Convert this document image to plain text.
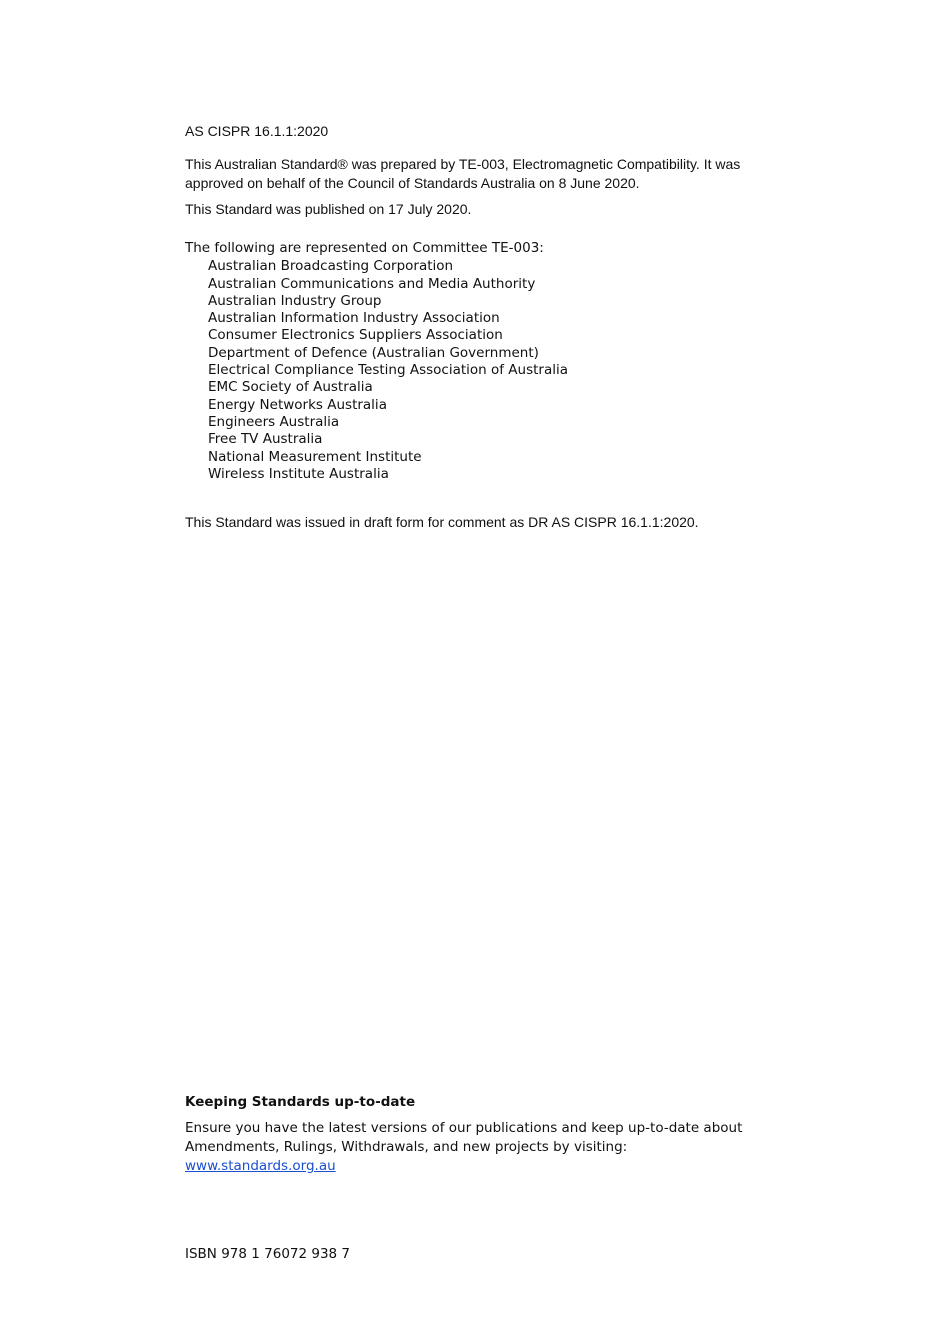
AS CISPR 16.1.1:2020

This Australian Standard® was prepared by TE-003, Electromagnetic Compatibility. It was
approved on behalf of the Council of Standards Australia on 8 June 2020.

This Standard was published on 17 July 2020.

The following are represented on Committee TE-003:

Australian Broadcasting Corporation
Australian Communications and Media Authority
Australian Industry Group
Australian Information Industry Association
Consumer Electronics Suppliers Association
Department of Defence (Australian Government)
Electrical Compliance Testing Association of Australia
EMC Society of Australia
Energy Networks Australia
Engineers Australia
Free TV Australia
National Measurement Institute
Wireless Institute Australia

This Standard was issued in draft form for comment as DR AS CISPR 16.1.1:2020.

Keeping Standards up-to-date

Ensure you have the latest versions of our publications and keep up-to-date about
Amendments, Rulings, Withdrawals, and new projects by visiting:
www.standards.org.au

ISBN 978 1 76072 938 7
